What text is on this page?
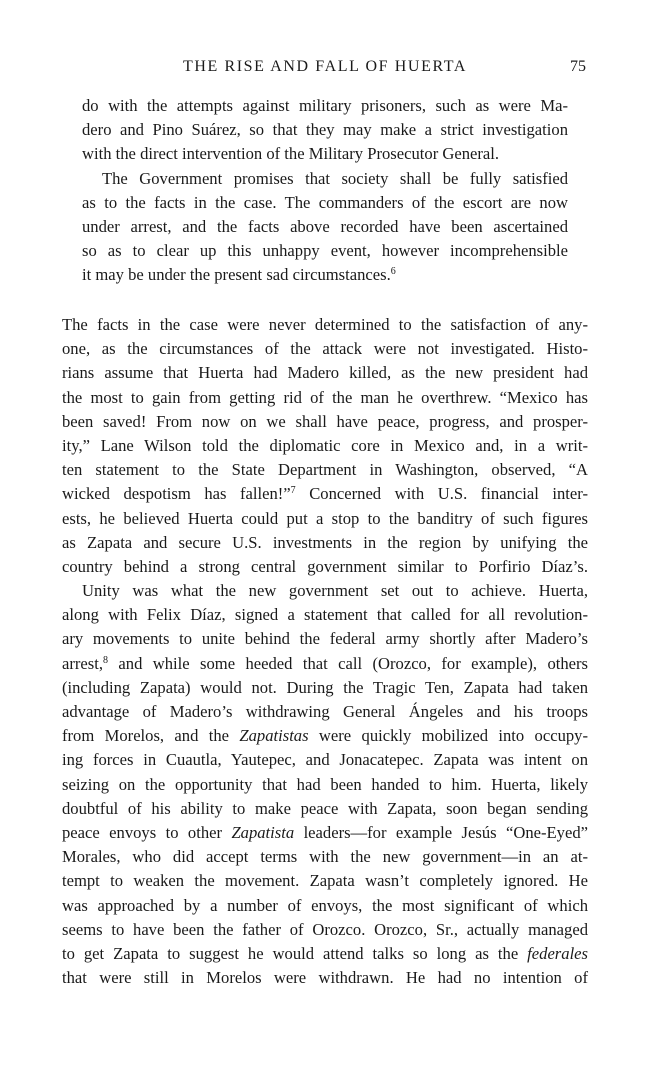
THE RISE AND FALL OF HUERTA	75
do with the attempts against military prisoners, such as were Ma-
dero and Pino Suárez, so that they may make a strict investigation
with the direct intervention of the Military Prosecutor General.
The Government promises that society shall be fully satisfied
as to the facts in the case. The commanders of the escort are now
under arrest, and the facts above recorded have been ascertained
so as to clear up this unhappy event, however incomprehensible
it may be under the present sad circumstances.$^6$
The facts in the case were never determined to the satisfaction of any-
one, as the circumstances of the attack were not investigated. Histo-
rians assume that Huerta had Madero killed, as the new president had
the most to gain from getting rid of the man he overthrew. “Mexico has
been saved! From now on we shall have peace, progress, and prosper-
ity,” Lane Wilson told the diplomatic core in Mexico and, in a writ-
ten statement to the State Department in Washington, observed, “A
wicked despotism has fallen!”$^7$ Concerned with U.S. financial inter-
ests, he believed Huerta could put a stop to the banditry of such figures
as Zapata and secure U.S. investments in the region by unifying the
country behind a strong central government similar to Porfirio Díaz’s.
Unity was what the new government set out to achieve. Huerta,
along with Felix Díaz, signed a statement that called for all revolution-
ary movements to unite behind the federal army shortly after Madero’s
arrest,$^8$ and while some heeded that call (Orozco, for example), others
(including Zapata) would not. During the Tragic Ten, Zapata had taken
advantage of Madero’s withdrawing General Ángeles and his troops
from Morelos, and the Zapatistas were quickly mobilized into occupy-
ing forces in Cuautla, Yautepec, and Jonacatepec. Zapata was intent on
seizing on the opportunity that had been handed to him. Huerta, likely
doubtful of his ability to make peace with Zapata, soon began sending
peace envoys to other Zapatista leaders—for example Jesús “One-Eyed”
Morales, who did accept terms with the new government—in an at-
tempt to weaken the movement. Zapata wasn’t completely ignored. He
was approached by a number of envoys, the most significant of which
seems to have been the father of Orozco. Orozco, Sr., actually managed
to get Zapata to suggest he would attend talks so long as the federales
that were still in Morelos were withdrawn. He had no intention of
